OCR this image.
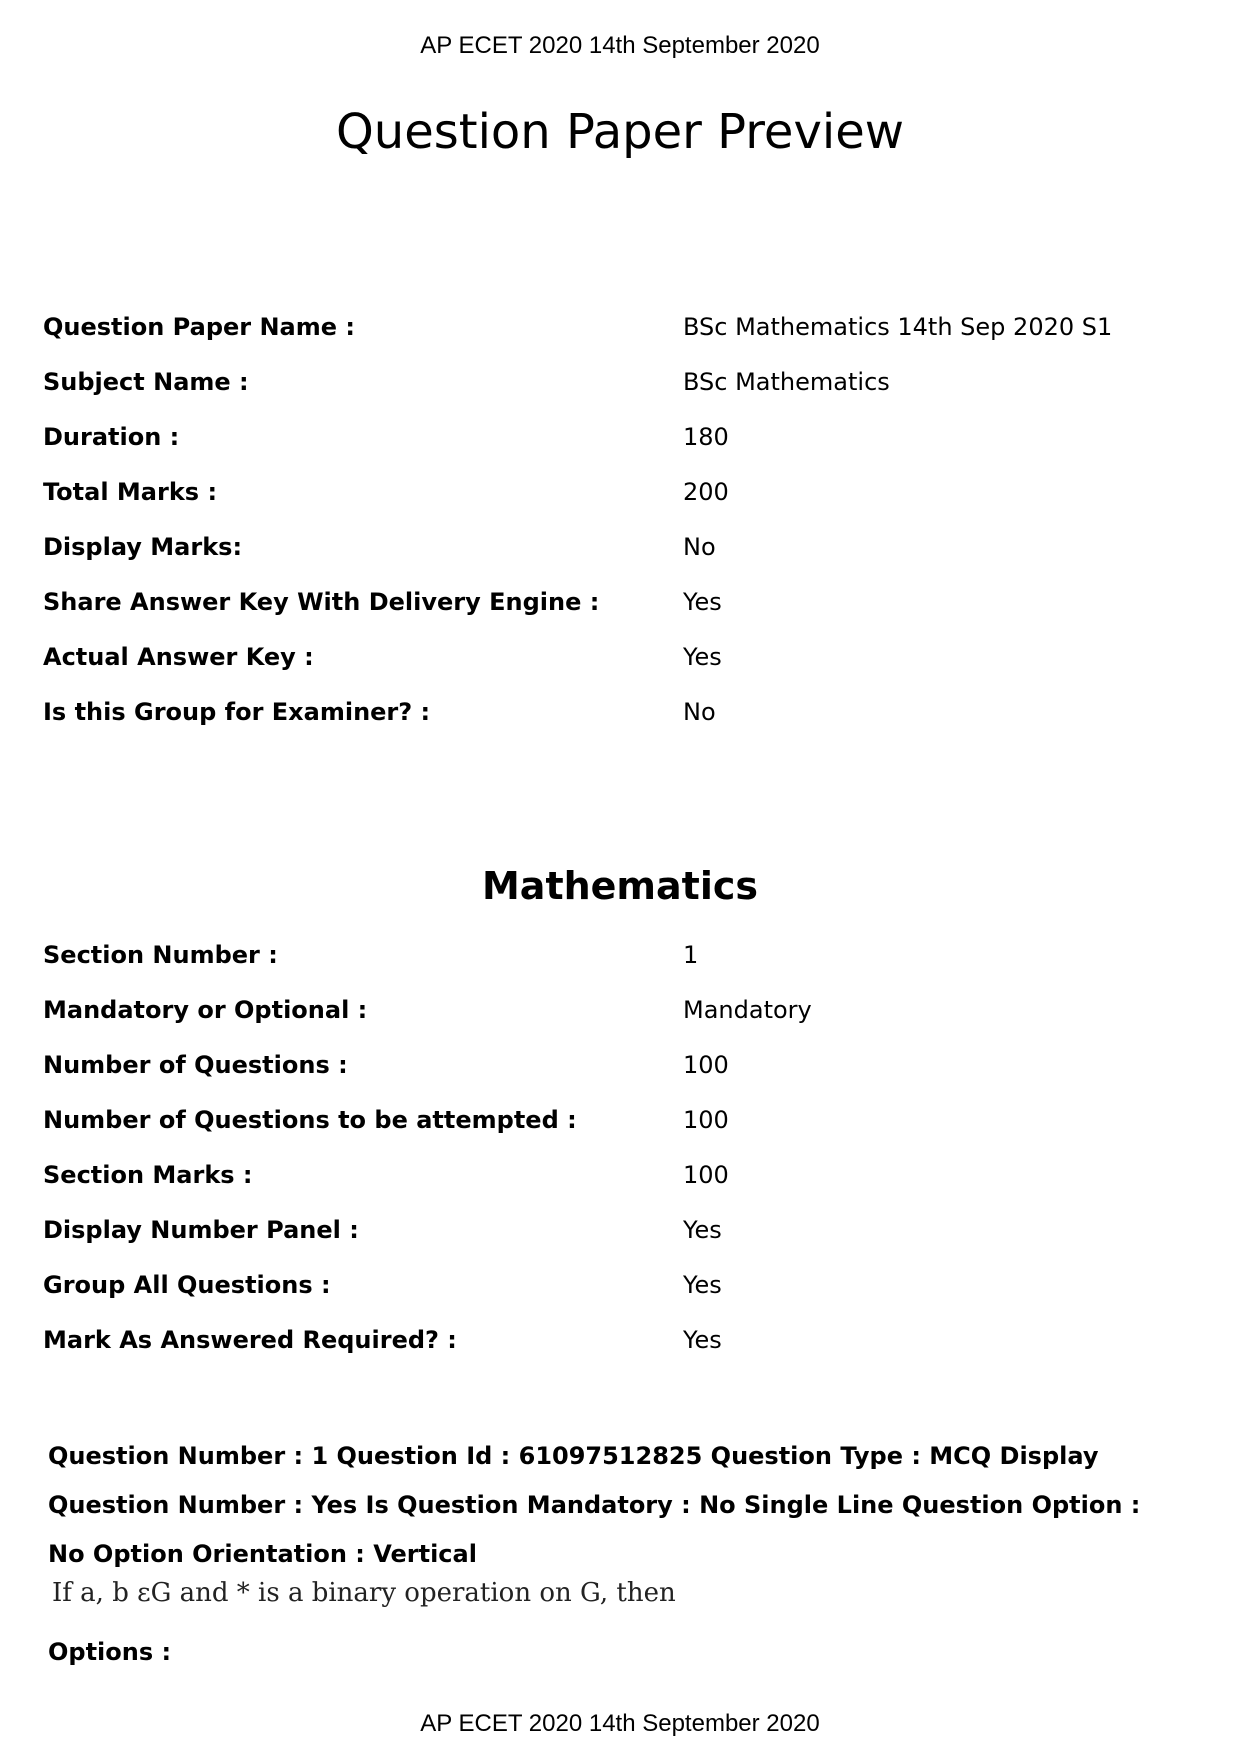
AP ECET 2020 14th September 2020
Question Paper Preview
Question Paper Name :	BSc Mathematics 14th Sep 2020 S1
Subject Name :	BSc Mathematics
Duration :	180
Total Marks :	200
Display Marks:	No
Share Answer Key With Delivery Engine :	Yes
Actual Answer Key :	Yes
Is this Group for Examiner? :	No
Mathematics
Section Number :	1
Mandatory or Optional :	Mandatory
Number of Questions :	100
Number of Questions to be attempted :	100
Section Marks :	100
Display Number Panel :	Yes
Group All Questions :	Yes
Mark As Answered Required? :	Yes

Question Number : 1 Question Id : 61097512825 Question Type : MCQ Display Question Number : Yes Is Question Mandatory : No Single Line Question Option : No Option Orientation : Vertical

If a, b εG and * is a binary operation on G, then

Options :

AP ECET 2020 14th September 2020
